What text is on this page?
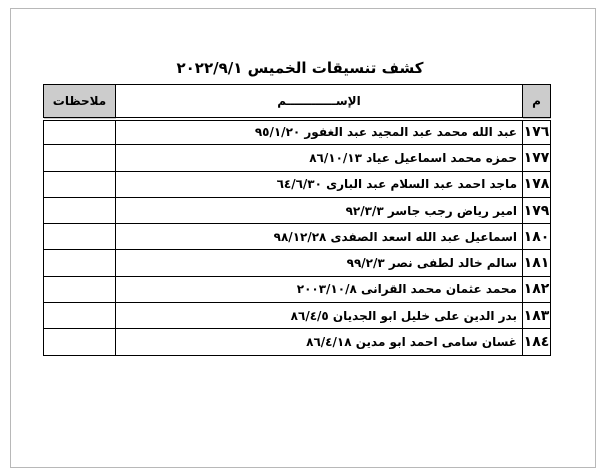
كشف تنسيقات الخميس ٢٠٢٢/٩/١
م	الإســــــــــــم	ملاحظات
١٧٦	عبد الله محمد عبد المجيد عبد الغفور ٩٥/١/٢٠	
١٧٧	حمزه محمد اسماعيل عياد ٨٦/١٠/١٣	
١٧٨	ماجد احمد عبد السلام عبد البارى ٦٤/٦/٣٠	
١٧٩	امير رياض رجب جاسر ٩٢/٣/٣	
١٨٠	اسماعيل عبد الله اسعد الصفدى ٩٨/١٢/٢٨	
١٨١	سالم خالد لطفى نصر ٩٩/٢/٣	
١٨٢	محمد عثمان محمد القرانى ٢٠٠٣/١٠/٨	
١٨٣	بدر الدين على خليل ابو الجديان ٨٦/٤/٥	
١٨٤	غسان سامى احمد ابو مدين ٨٦/٤/١٨	
